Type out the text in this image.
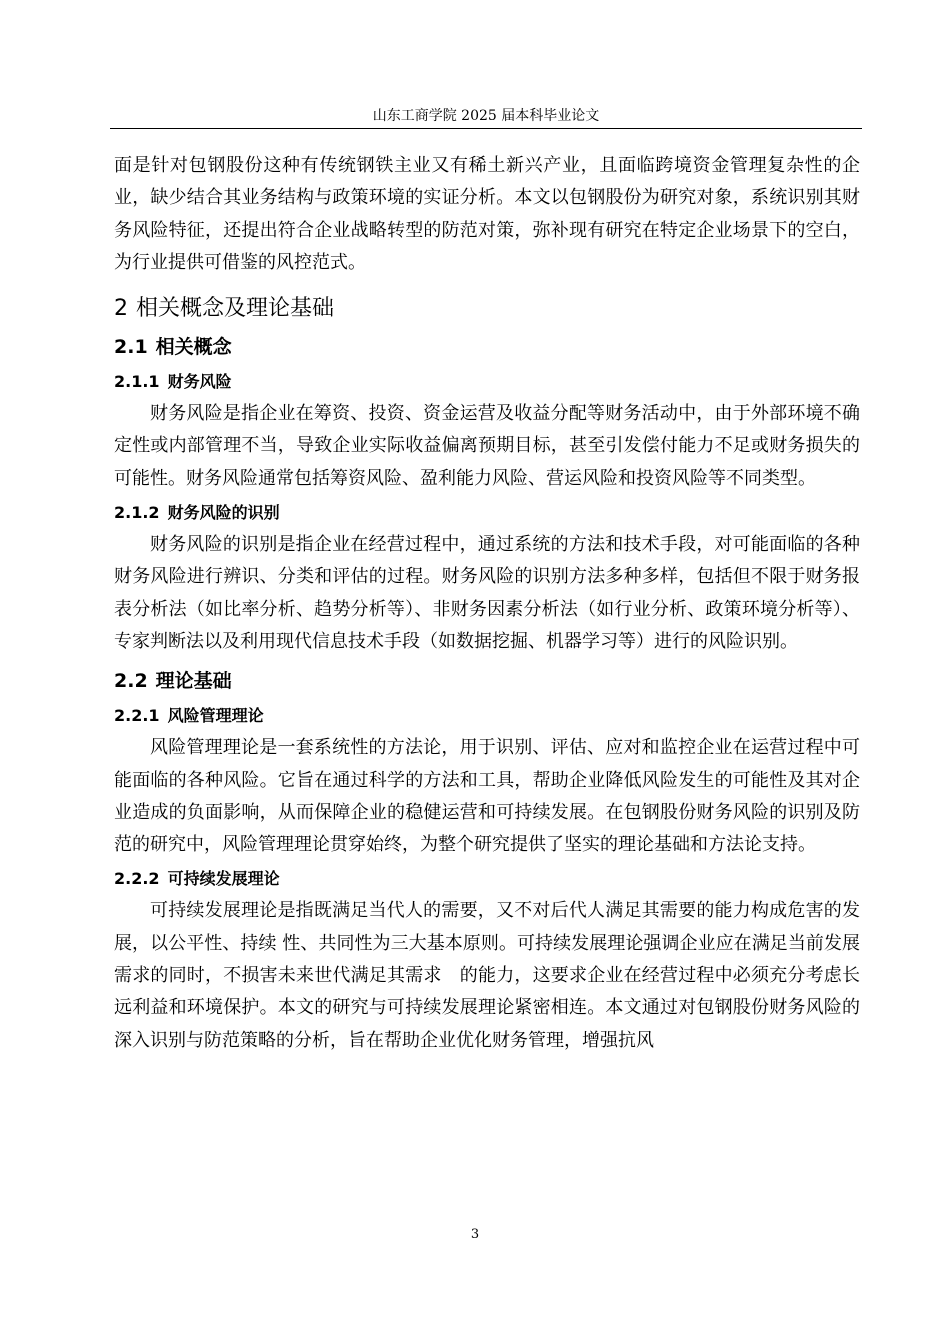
山东工商学院 2025 届本科毕业论文

面是针对包钢股份这种有传统钢铁主业又有稀土新兴产业，且面临跨境资金管理复杂性的企业，缺少结合其业务结构与政策环境的实证分析。本文以包钢股份为研究对象，系统识别其财务风险特征，还提出符合企业战略转型的防范对策，弥补现有研究在特定企业场景下的空白，为行业提供可借鉴的风控范式。

2 相关概念及理论基础
2.1 相关概念
2.1.1 财务风险

财务风险是指企业在筹资、投资、资金运营及收益分配等财务活动中，由于外部环境不确定性或内部管理不当，导致企业实际收益偏离预期目标，甚至引发偿付能力不足或财务损失的可能性。财务风险通常包括筹资风险、盈利能力风险、营运风险和投资风险等不同类型。

2.1.2 财务风险的识别

财务风险的识别是指企业在经营过程中，通过系统的方法和技术手段，对可能面临的各种财务风险进行辨识、分类和评估的过程。财务风险的识别方法多种多样，包括但不限于财务报表分析法（如比率分析、趋势分析等）、非财务因素分析法（如行业分析、政策环境分析等）、专家判断法以及利用现代信息技术手段（如数据挖掘、机器学习等）进行的风险识别。

2.2 理论基础
2.2.1 风险管理理论

风险管理理论是一套系统性的方法论，用于识别、评估、应对和监控企业在运营过程中可能面临的各种风险。它旨在通过科学的方法和工具，帮助企业降低风险发生的可能性及其对企业造成的负面影响，从而保障企业的稳健运营和可持续发展。在包钢股份财务风险的识别及防范的研究中，风险管理理论贯穿始终，为整个研究提供了坚实的理论基础和方法论支持。

2.2.2 可持续发展理论

可持续发展理论是指既满足当代人的需要，又不对后代人满足其需要的能力构成危害的发展，以公平性、持续 性、共同性为三大基本原则。可持续发展理论强调企业应在满足当前发展需求的同时，不损害未来世代满足其需求　的能力，这要求企业在经营过程中必须充分考虑长远利益和环境保护。本文的研究与可持续发展理论紧密相连。本文通过对包钢股份财务风险的深入识别与防范策略的分析，旨在帮助企业优化财务管理，增强抗风

3
